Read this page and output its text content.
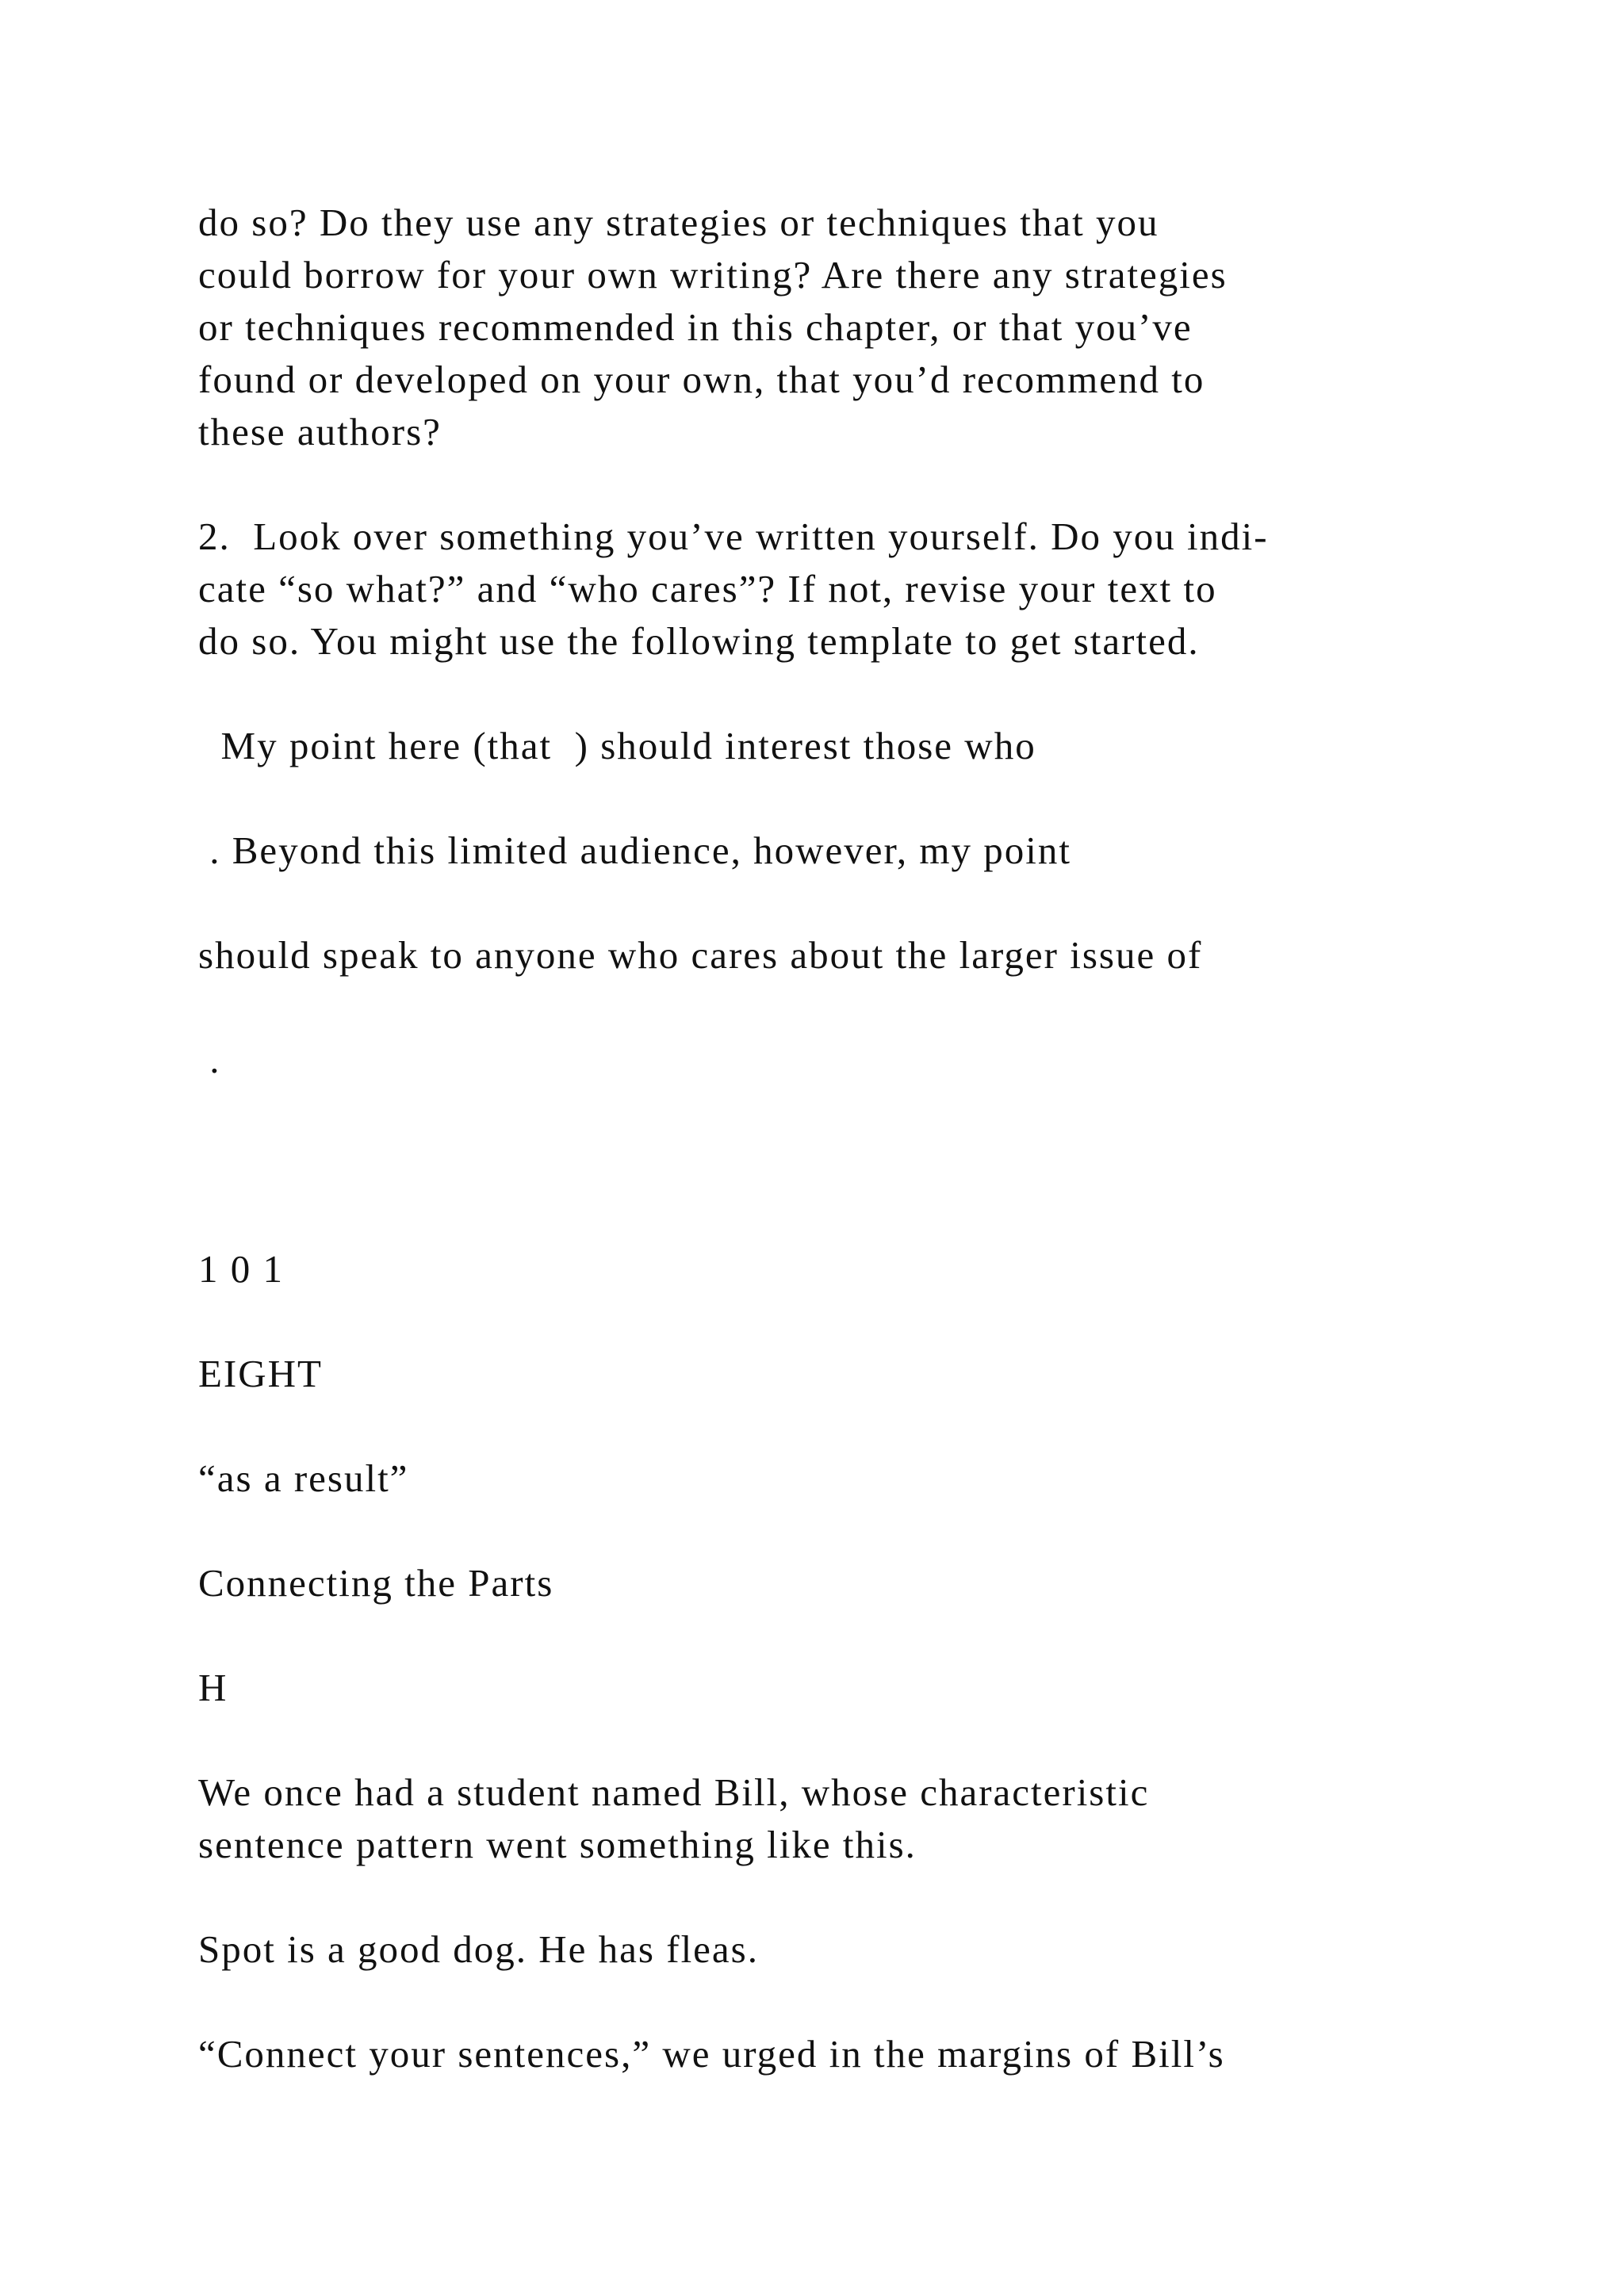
do so? Do they use any strategies or techniques that you
could borrow for your own writing? Are there any strategies
or techniques recommended in this chapter, or that you’ve
found or developed on your own, that you’d recommend to
these authors?
2.  Look over something you’ve written yourself. Do you indi-
cate “so what?” and “who cares”? If not, revise your text to
do so. You might use the following template to get started.
My point here (that  ) should interest those who
. Beyond this limited audience, however, my point
should speak to anyone who cares about the larger issue of
.
1 0 1
EIGHT
“as a result”
Connecting the Parts
H
We once had a student named Bill, whose characteristic
sentence pattern went something like this.
Spot is a good dog. He has fleas.
“Connect your sentences,” we urged in the margins of Bill’s
